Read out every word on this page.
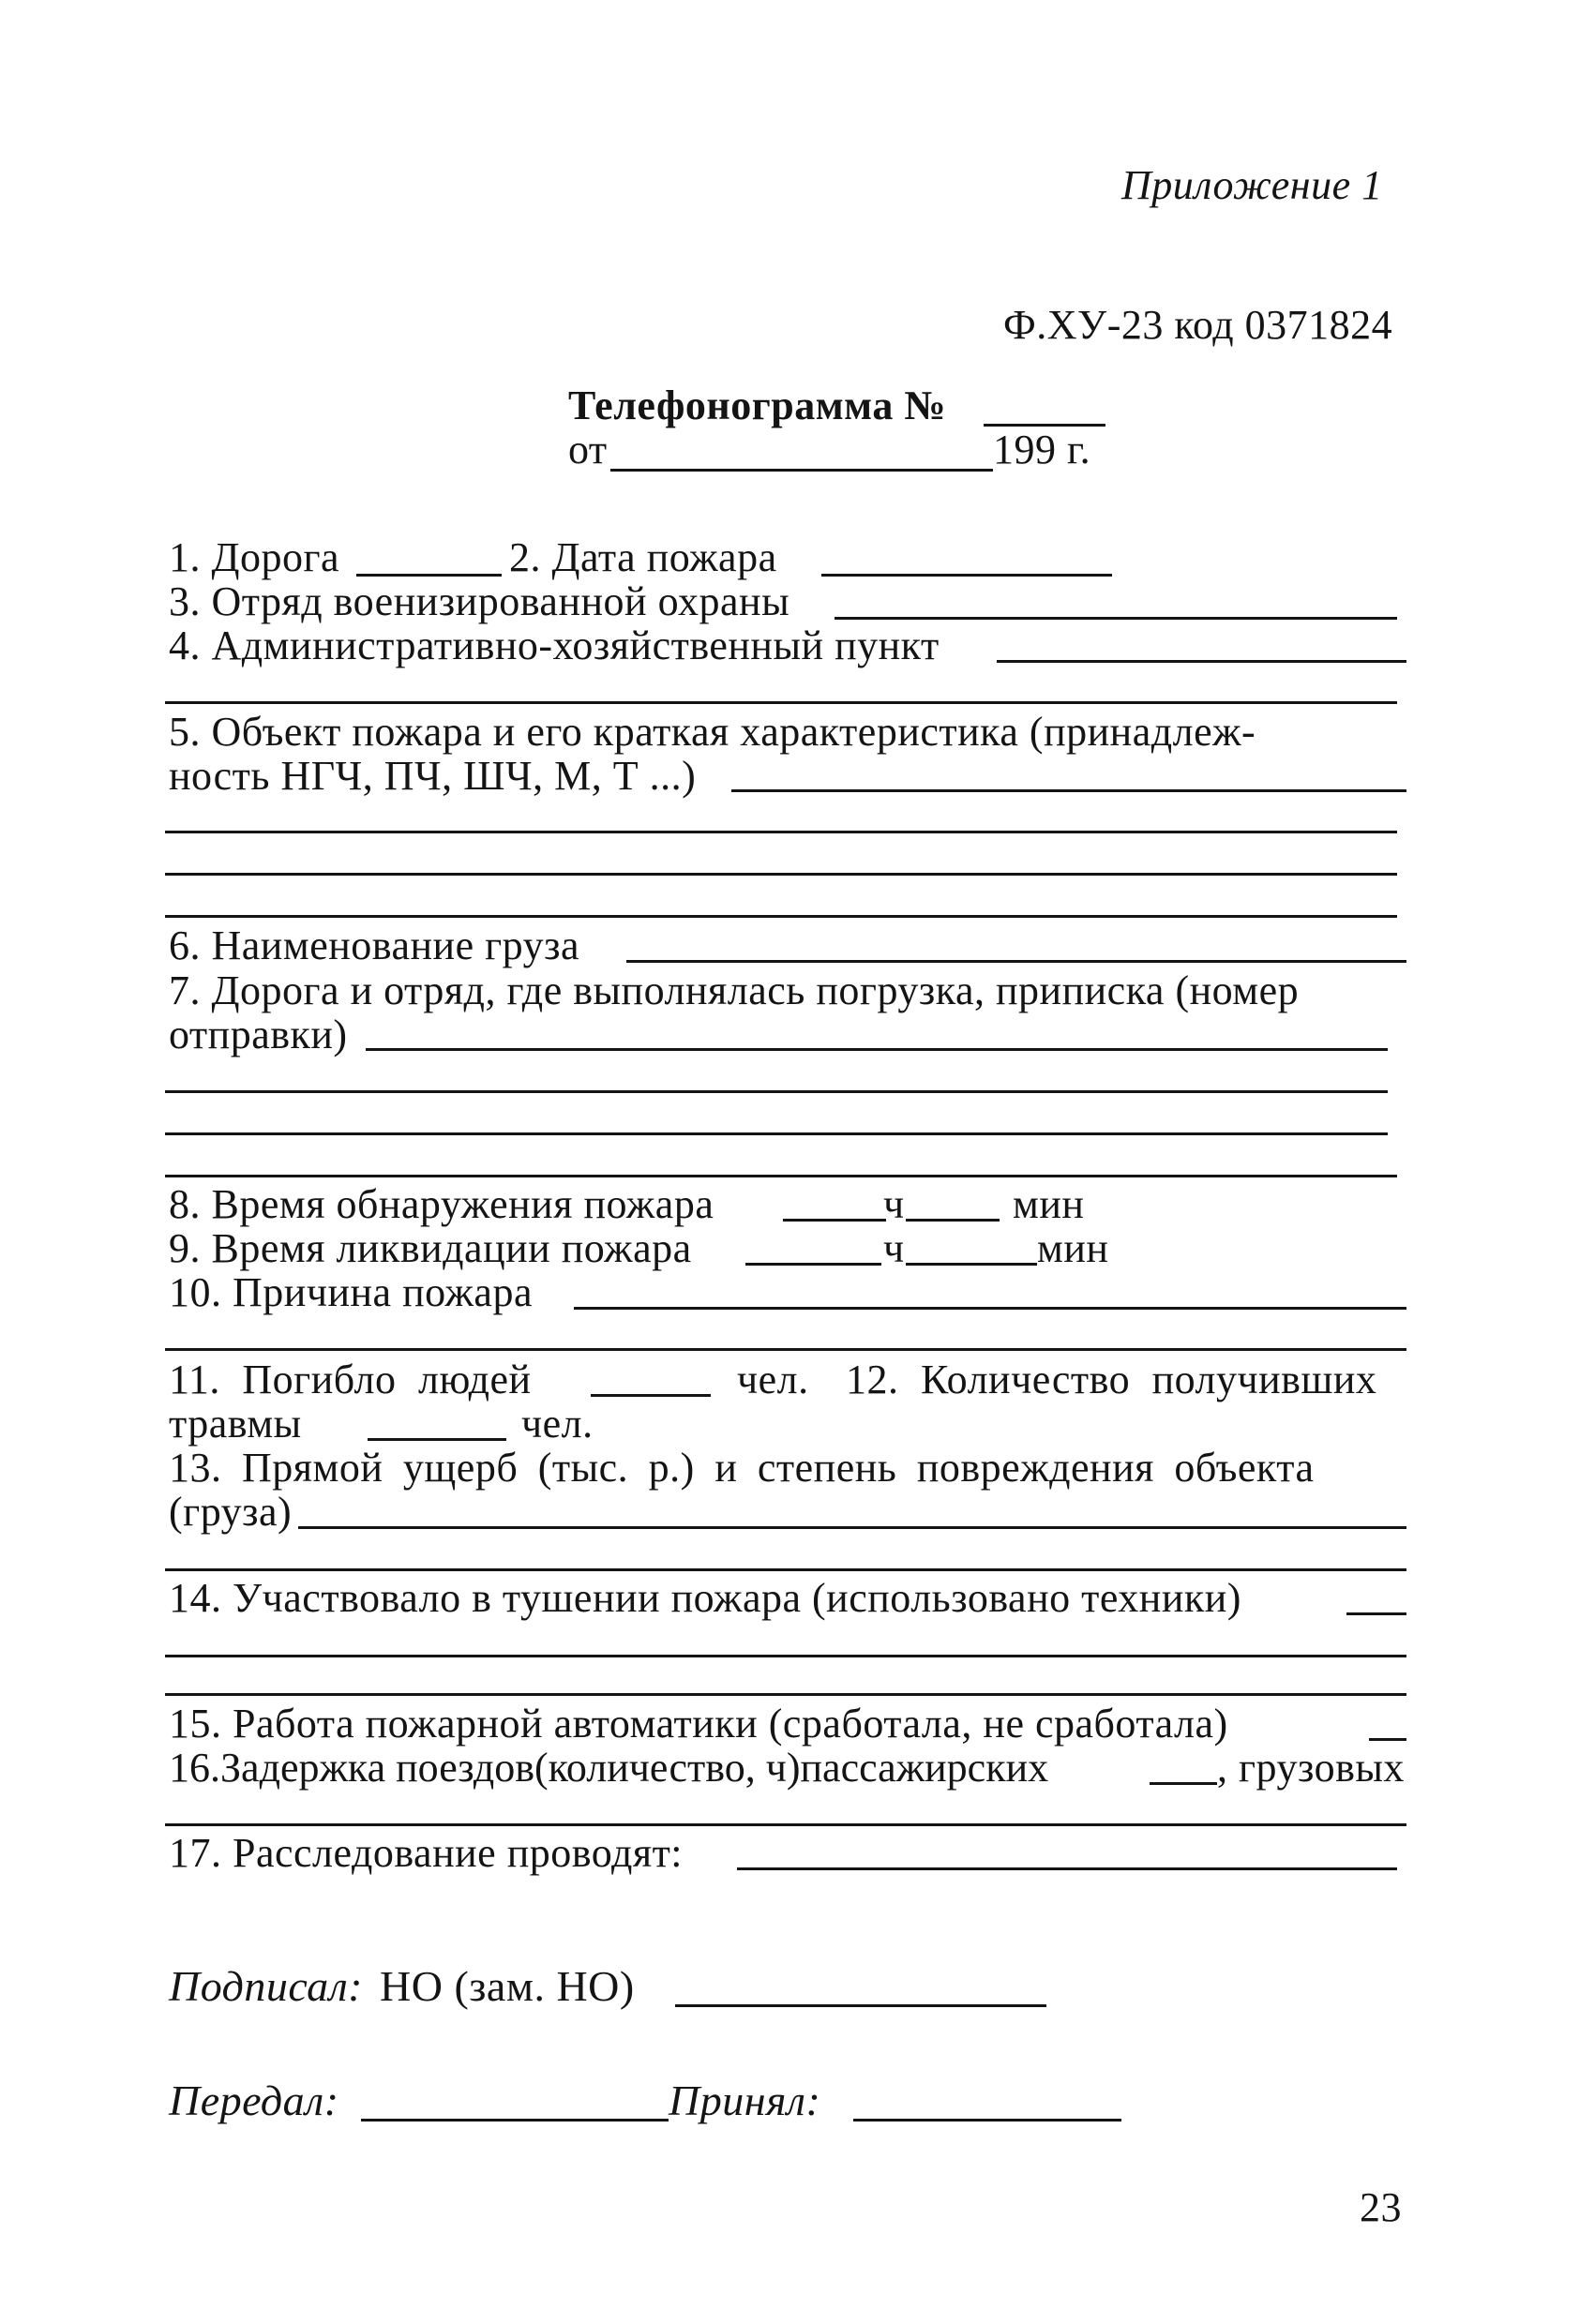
Приложение 1
Ф.ХУ-23 код 0371824
Телефонограмма №
от	199 г.
1. Дорога	2. Дата пожара
3. Отряд военизированной охраны
4. Административно-хозяйственный пункт
5. Объект пожара и его краткая характеристика (принадлеж-
ность НГЧ, ПЧ, ШЧ, М, Т ...)
6. Наименование груза
7. Дорога и отряд, где выполнялась погрузка, приписка (номер
отправки)
8. Время обнаружения пожара	ч	мин
9. Время ликвидации пожара	ч	мин
10. Причина пожара
11. Погибло людей	чел. 12. Количество получивших
травмы	чел.
13. Прямой ущерб (тыс. р.) и степень повреждения объекта
(груза)
14. Участвовало в тушении пожара (использовано техники)
15. Работа пожарной автоматики (сработала, не сработала)
16.Задержка поездов(количество, ч)пассажирских	, грузовых
17. Расследование проводят:
Подписал: НО (зам. НО)
Передал:	Принял:
23
